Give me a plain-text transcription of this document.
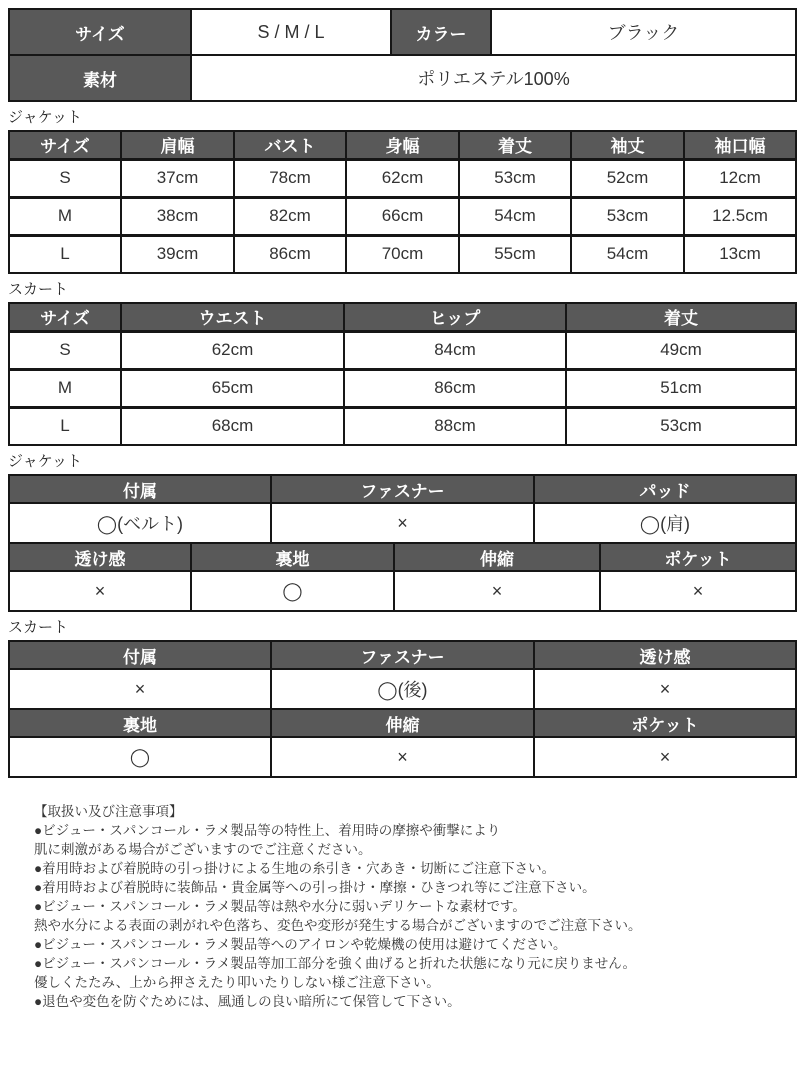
サイズ	S / M / L	カラー	ブラック
素材	ポリエステル100%		
ジャケット
サイズ	肩幅	バスト	身幅	着丈	袖丈	袖口幅
S	37cm	78cm	62cm	53cm	52cm	12cm
M	38cm	82cm	66cm	54cm	53cm	12.5cm
L	39cm	86cm	70cm	55cm	54cm	13cm
スカート
サイズ	ウエスト	ヒップ	着丈
S	62cm	84cm	49cm
M	65cm	86cm	51cm
L	68cm	88cm	53cm
ジャケット
付属	ファスナー	パッド
◯(ベルト)	×	◯(肩)
透け感	裏地	伸縮	ポケット
×	◯	×	×
スカート
付属	ファスナー	透け感
×	◯(後)	×
裏地	伸縮	ポケット
◯	×	×
【取扱い及び注意事項】
●ビジュー・スパンコール・ラメ製品等の特性上、着用時の摩擦や衝撃により
肌に刺激がある場合がございますのでご注意ください。
●着用時および着脱時の引っ掛けによる生地の糸引き・穴あき・切断にご注意下さい。
●着用時および着脱時に装飾品・貴金属等への引っ掛け・摩擦・ひきつれ等にご注意下さい。
●ビジュー・スパンコール・ラメ製品等は熱や水分に弱いデリケートな素材です。
熱や水分による表面の剥がれや色落ち、変色や変形が発生する場合がございますのでご注意下さい。
●ビジュー・スパンコール・ラメ製品等へのアイロンや乾燥機の使用は避けてください。
●ビジュー・スパンコール・ラメ製品等加工部分を強く曲げると折れた状態になり元に戻りません。
優しくたたみ、上から押さえたり叩いたりしない様ご注意下さい。
●退色や変色を防ぐためには、風通しの良い暗所にて保管して下さい。
